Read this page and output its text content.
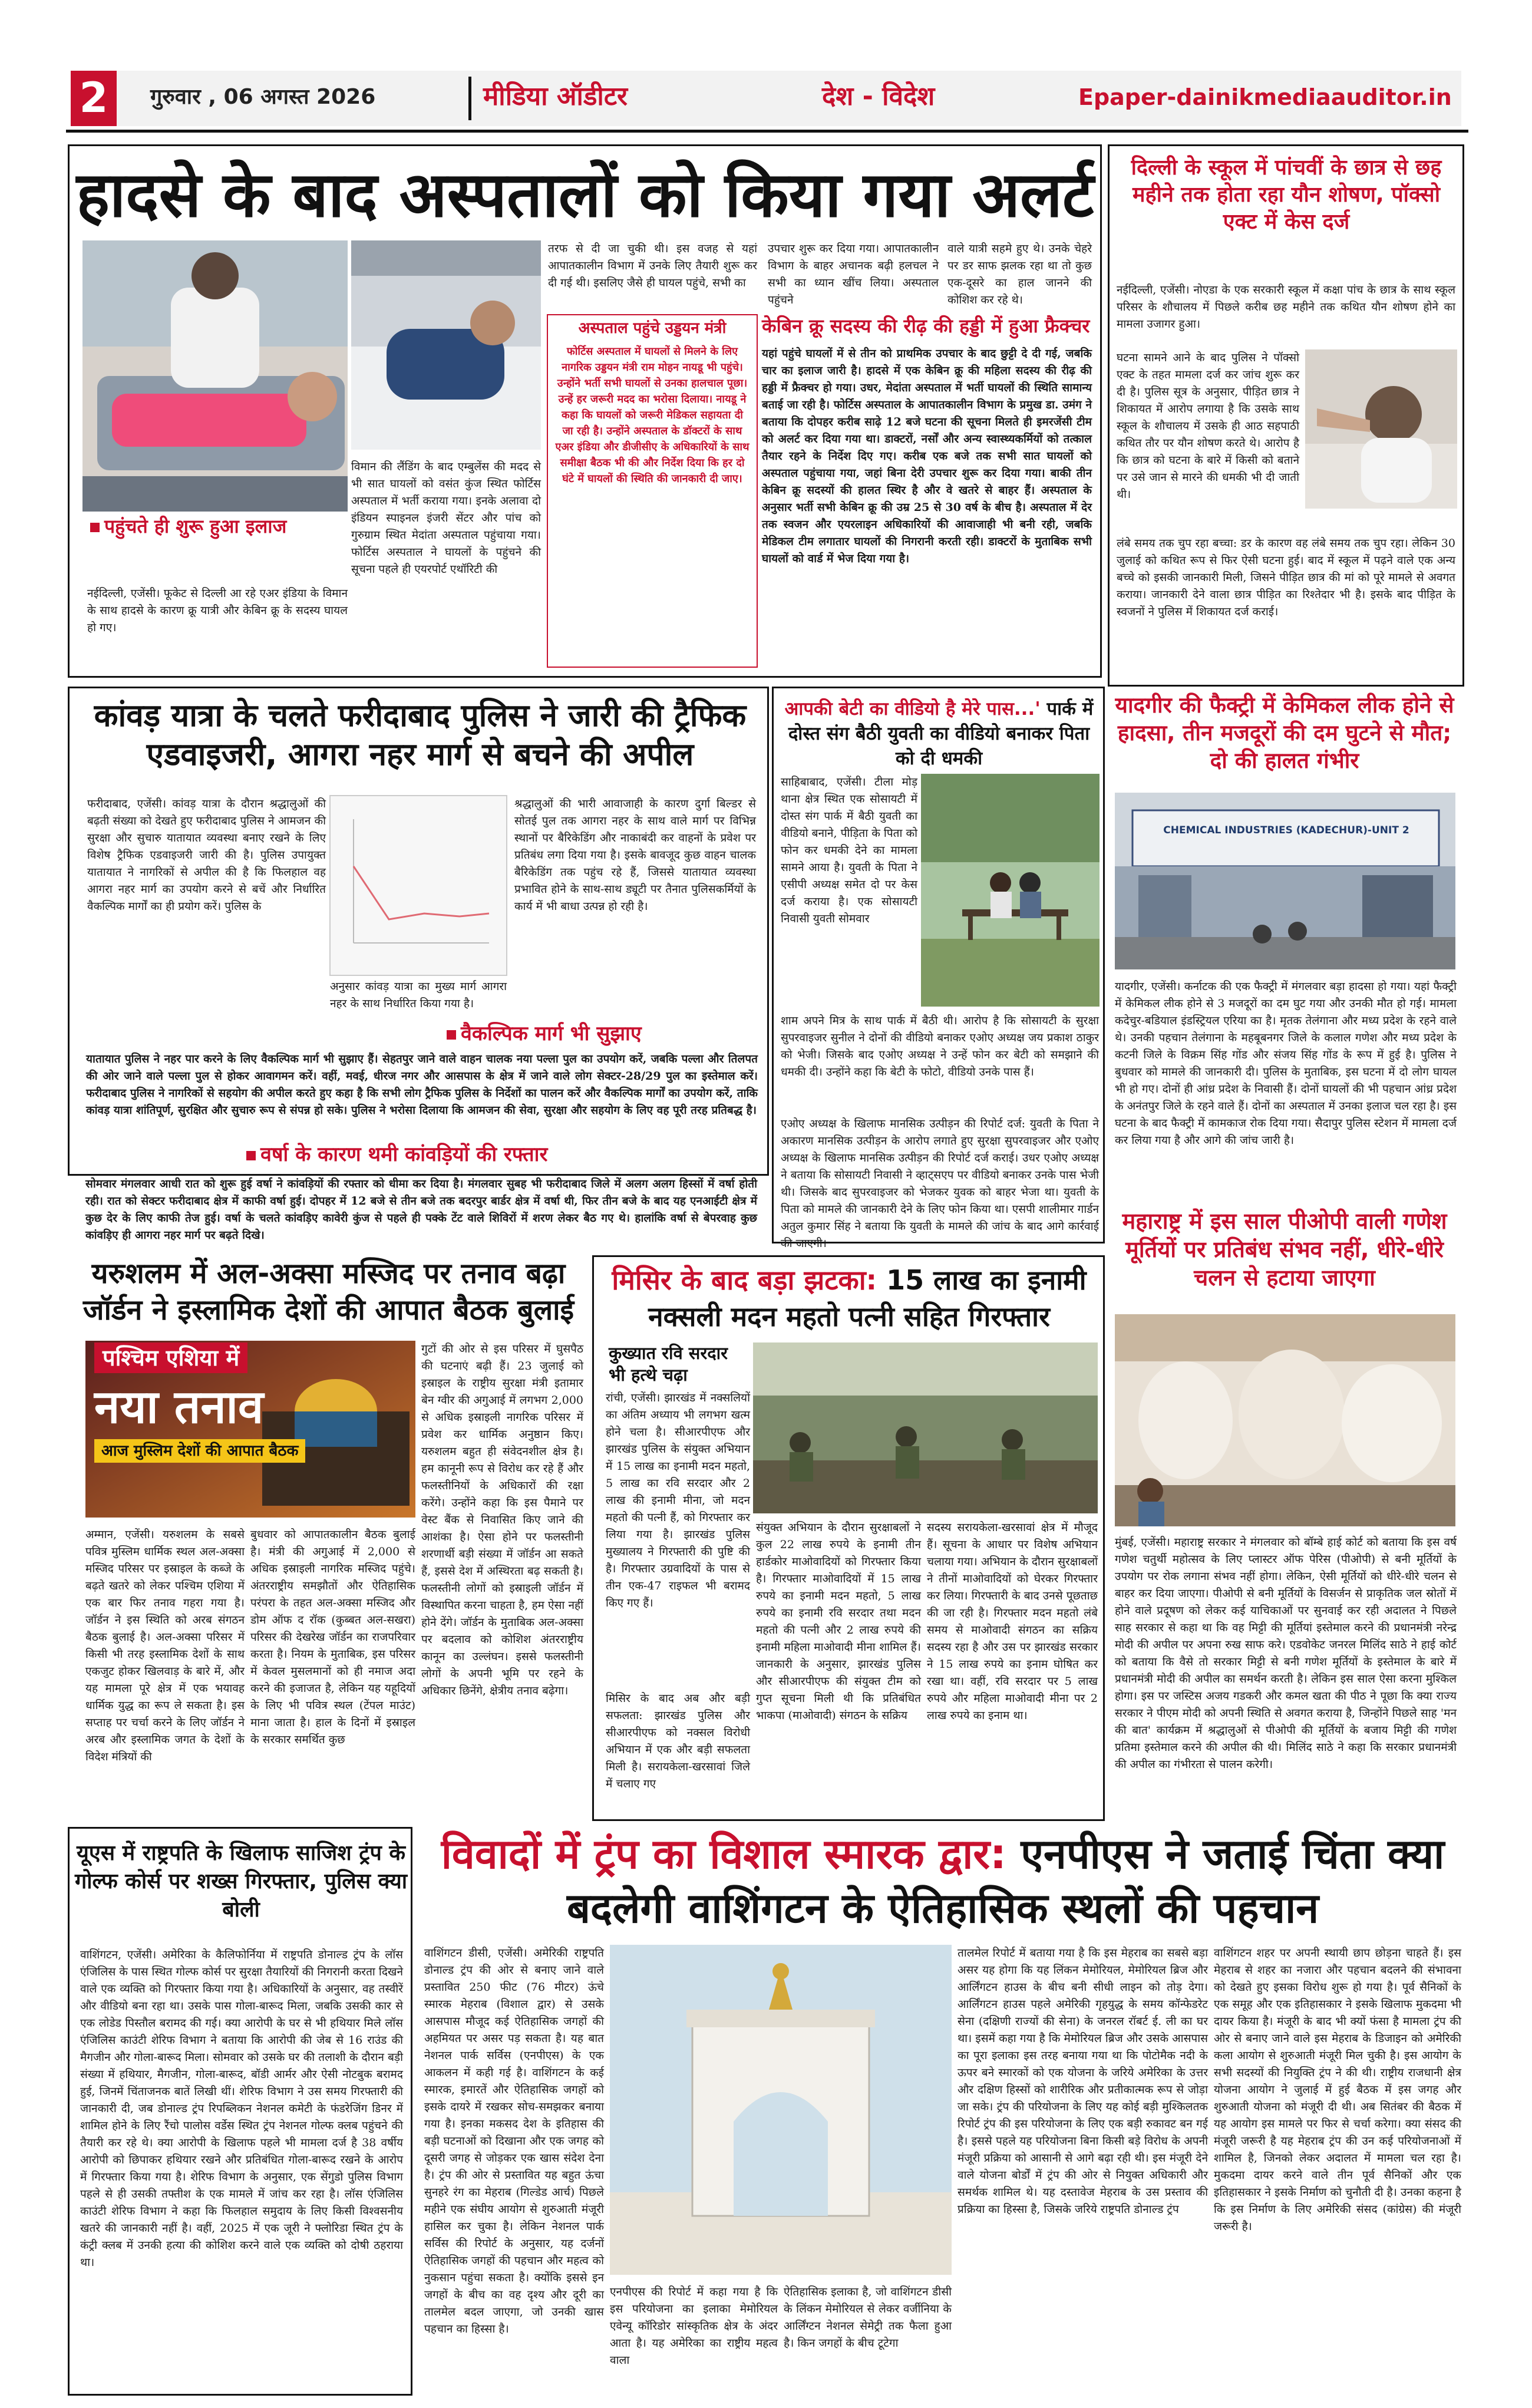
2	गुरुवार , 06 अगस्त 2026	मीडिया ऑडीटर	देश - विदेश	Epaper-dainikmediaauditor.in
हादसे के बाद अस्पतालों को किया गया अलर्ट
पहुंचते ही शुरू हुआ इलाज
नईदिल्ली, एजेंसी। फूकेट से दिल्ली आ रहे एअर इंडिया के विमान के साथ हादसे के कारण क्रू यात्री और केबिन क्रू के सदस्य घायल हो गए।
विमान की लैंडिंग के बाद एम्बुलेंस की मदद से भी सात घायलों को वसंत कुंज स्थित फोर्टिस अस्पताल में भर्ती कराया गया। इनके अलावा दो इंडियन स्पाइनल इंजरी सेंटर और पांच को गुरुग्राम स्थित मेदांता अस्पताल पहुंचाया गया। फोर्टिस अस्पताल ने घायलों के पहुंचने की सूचना पहले ही एयरपोर्ट एथॉरिटी की
तरफ से दी जा चुकी थी। इस वजह से यहां आपातकालीन विभाग में उनके लिए तैयारी शुरू कर दी गई थी। इसलिए जैसे ही घायल पहुंचे, सभी का
अस्पताल पहुंचे उड्डयन मंत्री
फोर्टिस अस्पताल में घायलों से मिलने के लिए नागरिक उड्डयन मंत्री राम मोहन नायडू भी पहुंचे। उन्होंने भर्ती सभी घायलों से उनका हालचाल पूछा। उन्हें हर जरूरी मदद का भरोसा दिलाया। नायडू ने कहा कि घायलों को जरूरी मेडिकल सहायता दी जा रही है। उन्होंने अस्पताल के डॉक्टरों के साथ एअर इंडिया और डीजीसीए के अधिकारियों के साथ समीक्षा बैठक भी की और निर्देश दिया कि हर दो घंटे में घायलों की स्थिति की जानकारी दी जाए।
उपचार शुरू कर दिया गया। आपातकालीन विभाग के बाहर अचानक बढ़ी हलचल ने सभी का ध्यान खींच लिया। अस्पताल पहुंचने
वाले यात्री सहमे हुए थे। उनके चेहरे पर डर साफ झलक रहा था तो कुछ एक-दूसरे का हाल जानने की कोशिश कर रहे थे।
केबिन क्रू सदस्य की रीढ़ की हड्डी में हुआ फ्रैक्चर
यहां पहुंचे घायलों में से तीन को प्राथमिक उपचार के बाद छुट्टी दे दी गई, जबकि चार का इलाज जारी है। हादसे में एक केबिन क्रू की महिला सदस्य की रीढ़ की हड्डी में फ्रैक्चर हो गया। उधर, मेदांता अस्पताल में भर्ती घायलों की स्थिति सामान्य बताई जा रही है। फोर्टिस अस्पताल के आपातकालीन विभाग के प्रमुख डा. उमंग ने बताया कि दोपहर करीब साढ़े 12 बजे घटना की सूचना मिलते ही इमरजेंसी टीम को अलर्ट कर दिया गया था। डाक्टरों, नर्सों और अन्य स्वास्थ्यकर्मियों को तत्काल तैयार रहने के निर्देश दिए गए। करीब एक बजे तक सभी सात घायलों को अस्पताल पहुंचाया गया, जहां बिना देरी उपचार शुरू कर दिया गया। बाकी तीन केबिन क्रू सदस्यों की हालत स्थिर है और वे खतरे से बाहर हैं। अस्पताल के अनुसार भर्ती सभी केबिन क्रू की उम्र 25 से 30 वर्ष के बीच है। अस्पताल में देर तक स्वजन और एयरलाइन अधिकारियों की आवाजाही भी बनी रही, जबकि मेडिकल टीम लगातार घायलों की निगरानी करती रही। डाक्टरों के मुताबिक सभी घायलों को वार्ड में भेज दिया गया है।
दिल्ली के स्कूल में पांचवीं के छात्र से छह महीने तक होता रहा यौन शोषण, पॉक्सो एक्ट में केस दर्ज
नईदिल्ली, एजेंसी। नोएडा के एक सरकारी स्कूल में कक्षा पांच के छात्र के साथ स्कूल परिसर के शौचालय में पिछले करीब छह महीने तक कथित यौन शोषण होने का मामला उजागर हुआ।
घटना सामने आने के बाद पुलिस ने पॉक्सो एक्ट के तहत मामला दर्ज कर जांच शुरू कर दी है। पुलिस सूत्र के अनुसार, पीड़ित छात्र ने शिकायत में आरोप लगाया है कि उसके साथ स्कूल के शौचालय में उसके ही आठ सहपाठी कथित तौर पर यौन शोषण करते थे। आरोप है कि छात्र को घटना के बारे में किसी को बताने पर उसे जान से मारने की धमकी भी दी जाती थी।
लंबे समय तक चुप रहा बच्चा: डर के कारण वह लंबे समय तक चुप रहा। लेकिन 30 जुलाई को कथित रूप से फिर ऐसी घटना हुई। बाद में स्कूल में पढ़ने वाले एक अन्य बच्चे को इसकी जानकारी मिली, जिसने पीड़ित छात्र की मां को पूरे मामले से अवगत कराया। जानकारी देने वाला छात्र पीड़ित का रिश्तेदार भी है। इसके बाद पीड़ित के स्वजनों ने पुलिस में शिकायत दर्ज कराई।
यादगीर की फैक्ट्री में केमिकल लीक होने से हादसा, तीन मजदूरों की दम घुटने से मौत; दो की हालत गंभीर
CHEMICAL INDUSTRIES (KADECHUR)-UNIT 2
यादगीर, एजेंसी। कर्नाटक की एक फैक्ट्री में मंगलवार बड़ा हादसा हो गया। यहां फैक्ट्री में केमिकल लीक होने से 3 मजदूरों का दम घुट गया और उनकी मौत हो गई। मामला कदेचुर-बडियाल इंडस्ट्रियल एरिया का है। मृतक तेलंगाना और मध्य प्रदेश के रहने वाले थे। उनकी पहचान तेलंगाना के महबूबनगर जिले के कलाल गणेश और मध्य प्रदेश के कटनी जिले के विक्रम सिंह गोंड और संजय सिंह गोंड के रूप में हुई है। पुलिस ने बुधवार को मामले की जानकारी दी। पुलिस के मुताबिक, इस घटना में दो लोग घायल भी हो गए। दोनों ही आंध्र प्रदेश के निवासी हैं। दोनों घायलों की भी पहचान आंध्र प्रदेश के अनंतपुर जिले के रहने वाले हैं। दोनों का अस्पताल में उनका इलाज चल रहा है। इस घटना के बाद फैक्ट्री में कामकाज रोक दिया गया। सैदापुर पुलिस स्टेशन में मामला दर्ज कर लिया गया है और आगे की जांच जारी है।
कांवड़ यात्रा के चलते फरीदाबाद पुलिस ने जारी की ट्रैफिक एडवाइजरी, आगरा नहर मार्ग से बचने की अपील
फरीदाबाद, एजेंसी। कांवड़ यात्रा के दौरान श्रद्धालुओं की बढ़ती संख्या को देखते हुए फरीदाबाद पुलिस ने आमजन की सुरक्षा और सुचारु यातायात व्यवस्था बनाए रखने के लिए विशेष ट्रैफिक एडवाइजरी जारी की है। पुलिस उपायुक्त यातायात ने नागरिकों से अपील की है कि फिलहाल वह आगरा नहर मार्ग का उपयोग करने से बचें और निर्धारित वैकल्पिक मार्गों का ही प्रयोग करें। पुलिस के
अनुसार कांवड़ यात्रा का मुख्य मार्ग आगरा नहर के साथ निर्धारित किया गया है।
श्रद्धालुओं की भारी आवाजाही के कारण दुर्गा बिल्डर से सोतई पुल तक आगरा नहर के साथ वाले मार्ग पर विभिन्न स्थानों पर बैरिकेडिंग और नाकाबंदी कर वाहनों के प्रवेश पर प्रतिबंध लगा दिया गया है। इसके बावजूद कुछ वाहन चालक बैरिकेडिंग तक पहुंच रहे हैं, जिससे यातायात व्यवस्था प्रभावित होने के साथ-साथ ड्यूटी पर तैनात पुलिसकर्मियों के कार्य में भी बाधा उत्पन्न हो रही है।
वैकल्पिक मार्ग भी सुझाए
यातायात पुलिस ने नहर पार करने के लिए वैकल्पिक मार्ग भी सुझाए हैं। सेहतपुर जाने वाले वाहन चालक नया पल्ला पुल का उपयोग करें, जबकि पल्ला और तिलपत की ओर जाने वाले पल्ला पुल से होकर आवागमन करें। वहीं, मवई, धीरज नगर और आसपास के क्षेत्र में जाने वाले लोग सेक्टर-28/29 पुल का इस्तेमाल करें। फरीदाबाद पुलिस ने नागरिकों से सहयोग की अपील करते हुए कहा है कि सभी लोग ट्रैफिक पुलिस के निर्देशों का पालन करें और वैकल्पिक मार्गों का उपयोग करें, ताकि कांवड़ यात्रा शांतिपूर्ण, सुरक्षित और सुचारु रूप से संपन्न हो सके। पुलिस ने भरोसा दिलाया कि आमजन की सेवा, सुरक्षा और सहयोग के लिए वह पूरी तरह प्रतिबद्ध है।
वर्षा के कारण थमी कांवड़ियों की रफ्तार
सोमवार मंगलवार आधी रात को शुरू हुई वर्षा ने कांवड़ियों की रफ्तार को धीमा कर दिया है। मंगलवार सुबह भी फरीदाबाद जिले में अलग अलग हिस्सों में वर्षा होती रही। रात को सेक्टर फरीदाबाद क्षेत्र में काफी वर्षा हुई। दोपहर में 12 बजे से तीन बजे तक बदरपुर बार्डर क्षेत्र में वर्षा थी, फिर तीन बजे के बाद यह एनआईटी क्षेत्र में कुछ देर के लिए काफी तेज हुई। वर्षा के चलते कांवड़िए कावेरी कुंज से पहले ही पक्के टेंट वाले शिविरों में शरण लेकर बैठ गए थे। हालांकि वर्षा से बेपरवाह कुछ कांवड़िए ही आगरा नहर मार्ग पर बढ़ते दिखे।
आपकी बेटी का वीडियो है मेरे पास...' पार्क में दोस्त संग बैठी युवती का वीडियो बनाकर पिता को दी धमकी
साहिबाबाद, एजेंसी। टीला मोड़ थाना क्षेत्र स्थित एक सोसायटी में दोस्त संग पार्क में बैठी युवती का वीडियो बनाने, पीड़िता के पिता को फोन कर धमकी देने का मामला सामने आया है। युवती के पिता ने एसीपी अध्यक्ष समेत दो पर केस दर्ज कराया है। एक सोसायटी निवासी युवती सोमवार
शाम अपने मित्र के साथ पार्क में बैठी थी। आरोप है कि सोसायटी के सुरक्षा सुपरवाइजर सुनील ने दोनों की वीडियो बनाकर एओए अध्यक्ष जय प्रकाश ठाकुर को भेजी। जिसके बाद एओए अध्यक्ष ने उन्हें फोन कर बेटी को समझाने की धमकी दी। उन्होंने कहा कि बेटी के फोटो, वीडियो उनके पास हैं।
एओए अध्यक्ष के खिलाफ मानसिक उत्पीड़न की रिपोर्ट दर्ज: युवती के पिता ने अकारण मानसिक उत्पीड़न के आरोप लगाते हुए सुरक्षा सुपरवाइजर और एओए अध्यक्ष के खिलाफ मानसिक उत्पीड़न की रिपोर्ट दर्ज कराई। उधर एओए अध्यक्ष ने बताया कि सोसायटी निवासी ने व्हाट्सएप पर वीडियो बनाकर उनके पास भेजी थी। जिसके बाद सुपरवाइजर को भेजकर युवक को बाहर भेजा था। युवती के पिता को मामले की जानकारी देने के लिए फोन किया था। एसपी शालीमार गार्डन अतुल कुमार सिंह ने बताया कि युवती के मामले की जांच के बाद आगे कार्रवाई की जाएगी।
महाराष्ट्र में इस साल पीओपी वाली गणेश मूर्तियों पर प्रतिबंध संभव नहीं, धीरे-धीरे चलन से हटाया जाएगा
मुंबई, एजेंसी। महाराष्ट्र सरकार ने मंगलवार को बॉम्बे हाई कोर्ट को बताया कि इस वर्ष गणेश चतुर्थी महोत्सव के लिए प्लास्टर ऑफ पेरिस (पीओपी) से बनी मूर्तियों के उपयोग पर रोक लगाना संभव नहीं होगा। लेकिन, ऐसी मूर्तियों को धीरे-धीरे चलन से बाहर कर दिया जाएगा। पीओपी से बनी मूर्तियों के विसर्जन से प्राकृतिक जल स्रोतों में होने वाले प्रदूषण को लेकर कई याचिकाओं पर सुनवाई कर रही अदालत ने पिछले साह सरकार से कहा था कि वह मिट्टी की मूर्तियां इस्तेमाल करने की प्रधानमंत्री नरेन्द्र मोदी की अपील पर अपना रुख साफ करे। एडवोकेट जनरल मिलिंद साठे ने हाई कोर्ट को बताया कि वैसे तो सरकार मिट्टी से बनी गणेश मूर्तियों के इस्तेमाल के बारे में प्रधानमंत्री मोदी की अपील का समर्थन करती है। लेकिन इस साल ऐसा करना मुश्किल होगा। इस पर जस्टिस अजय गडकरी और कमल खता की पीठ ने पूछा कि क्या राज्य सरकार ने पीएम मोदी को अपनी स्थिति से अवगत कराया है, जिन्होंने पिछले साह 'मन की बात' कार्यक्रम में श्रद्धालुओं से पीओपी की मूर्तियों के बजाय मिट्टी की गणेश प्रतिमा इस्तेमाल करने की अपील की थी। मिलिंद साठे ने कहा कि सरकार प्रधानमंत्री की अपील का गंभीरता से पालन करेगी।
यरुशलम में अल-अक्सा मस्जिद पर तनाव बढ़ा जॉर्डन ने इस्लामिक देशों की आपात बैठक बुलाई
पश्चिम एशिया में
नया तनाव
आज मुस्लिम देशों की आपात बैठक
गुटों की ओर से इस परिसर में घुसपैठ की घटनाएं बढ़ी हैं। 23 जुलाई को इस्राइल के राष्ट्रीय सुरक्षा मंत्री इतामार बेन ग्वीर की अगुआई में लगभग 2,000 से अधिक इस्राइली नागरिक परिसर में प्रवेश कर धार्मिक अनुष्ठान किए। यरुशलम बहुत ही संवेदनशील क्षेत्र है। हम कानूनी रूप से विरोध कर रहे हैं और फलस्तीनियों के अधिकारों की रक्षा करेंगे। उन्होंने कहा कि इस पैमाने पर वेस्ट बैंक से निवासित किए जाने की आशंका है। ऐसा होने पर फलस्तीनी शरणार्थी बड़ी संख्या में जॉर्डन आ सकते हैं, इससे देश में अस्थिरता बढ़ सकती है। फलस्तीनी लोगों को इस्राइली जॉर्डन में विस्थापित करना चाहता है, हम ऐसा नहीं होने देंगे। जॉर्डन के मुताबिक अल-अक्सा पर बदलाव को कोशिश अंतरराष्ट्रीय कानून का उल्लंघन। इससे फलस्तीनी लोगों के अपनी भूमि पर रहने के अधिकार छिनेंगे, क्षेत्रीय तनाव बढ़ेगा।
अम्मान, एजेंसी। यरुशलम के सबसे पवित्र मुस्लिम धार्मिक स्थल अल-अक्सा मस्जिद परिसर पर इस्राइल के कब्जे के बढ़ते खतरे को लेकर पश्चिम एशिया में एक बार फिर तनाव गहरा गया है। जॉर्डन ने इस स्थिति को अरब संगठन बैठक बुलाई है। अल-अक्सा परिसर में किसी भी तरह इस्लामिक देशों के साथ एकजुट होकर खिलवाड़ के बारे में, और यह मामला पूरे क्षेत्र में एक भयावह धार्मिक युद्ध का रूप ले सकता है। इस सप्ताह पर चर्चा करने के लिए जॉर्डन ने अरब और इस्लामिक जगत के देशों के विदेश मंत्रियों की
बुधवार को आपातकालीन बैठक बुलाई है। मंत्री की अगुआई में 2,000 से अधिक इस्राइली नागरिक मस्जिद पहुंचे। अंतरराष्ट्रीय समझौतों और ऐतिहासिक परंपरा के तहत अल-अक्सा मस्जिद और डोम ऑफ द रॉक (कुब्बत अल-सखरा) परिसर की देखरेख जॉर्डन का राजपरिवार करता है। नियम के मुताबिक, इस परिसर में केवल मुसलमानों को ही नमाज अदा करने की इजाजत है, लेकिन यह यहूदियों के लिए भी पवित्र स्थल (टेंपल माउंट) माना जाता है। हाल के दिनों में इस्राइल के सरकार समर्थित कुछ
मिसिर के बाद बड़ा झटका: 15 लाख का इनामी नक्सली मदन महतो पत्नी सहित गिरफ्तार
कुख्यात रवि सरदार भी हत्थे चढ़ा
रांची, एजेंसी। झारखंड में नक्सलियों का अंतिम अध्याय भी लगभग खत्म होने चला है। सीआरपीएफ और झारखंड पुलिस के संयुक्त अभियान में 15 लाख का इनामी मदन महतो, 5 लाख का रवि सरदार और 2 लाख की इनामी मीना, जो मदन महतो की पत्नी हैं, को गिरफ्तार कर लिया गया है। झारखंड पुलिस मुख्यालय ने गिरफ्तारी की पुष्टि की है। गिरफ्तार उग्रवादियों के पास से तीन एक-47 राइफल भी बरामद किए गए हैं।
मिसिर के बाद अब और बड़ी सफलता: झारखंड पुलिस और सीआरपीएफ को नक्सल विरोधी अभियान में एक और बड़ी सफलता मिली है। सरायकेला-खरसावां जिले में चलाए गए
संयुक्त अभियान के दौरान सुरक्षाबलों ने कुल 22 लाख रुपये के इनामी तीन हार्डकोर माओवादियों को गिरफ्तार किया है। गिरफ्तार माओवादियों में 15 लाख रुपये का इनामी मदन महतो, 5 लाख रुपये का इनामी रवि सरदार तथा मदन महतो की पत्नी और 2 लाख रुपये की इनामी महिला माओवादी मीना शामिल हैं। जानकारी के अनुसार, झारखंड पुलिस और सीआरपीएफ की संयुक्त टीम को गुप्त सूचना मिली थी कि प्रतिबंधित भाकपा (माओवादी) संगठन के सक्रिय
सदस्य सरायकेला-खरसावां क्षेत्र में मौजूद हैं। सूचना के आधार पर विशेष अभियान चलाया गया। अभियान के दौरान सुरक्षाबलों ने तीनों माओवादियों को घेरकर गिरफ्तार कर लिया। गिरफ्तारी के बाद उनसे पूछताछ की जा रही है। गिरफ्तार मदन महतो लंबे समय से माओवादी संगठन का सक्रिय सदस्य रहा है और उस पर झारखंड सरकार ने 15 लाख रुपये का इनाम घोषित कर रखा था। वहीं, रवि सरदार पर 5 लाख रुपये और महिला माओवादी मीना पर 2 लाख रुपये का इनाम था।
यूएस में राष्ट्रपति के खिलाफ साजिश ट्रंप के गोल्फ कोर्स पर शख्स गिरफ्तार, पुलिस क्या बोली
वाशिंगटन, एजेंसी। अमेरिका के कैलिफोर्निया में राष्ट्रपति डोनाल्ड ट्रंप के लॉस एंजिलिस के पास स्थित गोल्फ कोर्स पर सुरक्षा तैयारियों की निगरानी करता दिखने वाले एक व्यक्ति को गिरफ्तार किया गया है। अधिकारियों के अनुसार, वह तस्वीरें और वीडियो बना रहा था। उसके पास गोला-बारूद मिला, जबकि उसकी कार से एक लोडेड पिस्तौल बरामद की गई। क्या आरोपी के घर से भी हथियार मिले लॉस एंजिलिस काउंटी शेरिफ विभाग ने बताया कि आरोपी की जेब से 16 राउंड की मैगजीन और गोला-बारूद मिला। सोमवार को उसके घर की तलाशी के दौरान बड़ी संख्या में हथियार, मैगजीन, गोला-बारूद, बॉडी आर्मर और ऐसी नोटबुक बरामद हुई, जिनमें चिंताजनक बातें लिखी थीं। शेरिफ विभाग ने उस समय गिरफ्तारी की जानकारी दी, जब डोनाल्ड ट्रंप रिपब्लिकन नेशनल कमेटी के फंडरेजिंग डिनर में शामिल होने के लिए रैंचो पालोस वर्डेस स्थित ट्रंप नेशनल गोल्फ क्लब पहुंचने की तैयारी कर रहे थे। क्या आरोपी के खिलाफ पहले भी मामला दर्ज है 38 वर्षीय आरोपी को छिपाकर हथियार रखने और प्रतिबंधित गोला-बारूद रखने के आरोप में गिरफ्तार किया गया है। शेरिफ विभाग के अनुसार, एक सेंगुडो पुलिस विभाग पहले से ही उसकी तफ्तीश के एक मामले में जांच कर रहा है। लॉस एंजिलिस काउंटी शेरिफ विभाग ने कहा कि फिलहाल समुदाय के लिए किसी विश्वसनीय खतरे की जानकारी नहीं है। वहीं, 2025 में एक जूरी ने फ्लोरिडा स्थित ट्रंप के कंट्री क्लब में उनकी हत्या की कोशिश करने वाले एक व्यक्ति को दोषी ठहराया था।
विवादों में ट्रंप का विशाल स्मारक द्वार: एनपीएस ने जताई चिंता क्या बदलेगी वाशिंगटन के ऐतिहासिक स्थलों की पहचान
वाशिंगटन डीसी, एजेंसी। अमेरिकी राष्ट्रपति डोनाल्ड ट्रंप की ओर से बनाए जाने वाले प्रस्तावित 250 फीट (76 मीटर) ऊंचे स्मारक मेहराब (विशाल द्वार) से उसके आसपास मौजूद कई ऐतिहासिक जगहों की अहमियत पर असर पड़ सकता है। यह बात नेशनल पार्क सर्विस (एनपीएस) के एक आकलन में कही गई है। वाशिंगटन के कई स्मारक, इमारतें और ऐतिहासिक जगहों को इसके दायरे में रखकर सोच-समझकर बनाया गया है। इनका मकसद देश के इतिहास की बड़ी घटनाओं को दिखाना और एक जगह को दूसरी जगह से जोड़कर एक खास संदेश देना है। ट्रंप की ओर से प्रस्तावित यह बहुत ऊंचा सुनहरे रंग का मेहराब (गिल्डेड आर्च) पिछले महीने एक संघीय आयोग से शुरुआती मंजूरी हासिल कर चुका है। लेकिन नेशनल पार्क सर्विस की रिपोर्ट के अनुसार, यह दर्जनों ऐतिहासिक जगहों की पहचान और महत्व को नुकसान पहुंचा सकता है। क्योंकि इससे इन जगहों के बीच का वह दृश्य और दूरी का तालमेल बदल जाएगा, जो उनकी खास पहचान का हिस्सा है।
एनपीएस की रिपोर्ट में कहा गया है कि इस परियोजना का इलाका मेमोरियल एवेन्यू कॉरिडोर सांस्कृतिक क्षेत्र के अंदर आता है। यह अमेरिका का राष्ट्रीय महत्व वाला
ऐतिहासिक इलाका है, जो वाशिंगटन डीसी के लिंकन मेमोरियल से लेकर वर्जीनिया के आर्लिंग्टन नेशनल सेमेट्री तक फैला हुआ है। किन जगहों के बीच टूटेगा
तालमेल रिपोर्ट में बताया गया है कि इस मेहराब का सबसे बड़ा असर यह होगा कि यह लिंकन मेमोरियल, मेमोरियल ब्रिज और आर्लिंगटन हाउस के बीच बनी सीधी लाइन को तोड़ देगा। आर्लिंगटन हाउस पहले अमेरिकी गृहयुद्ध के समय कॉन्फेडरेट सेना (दक्षिणी राज्यों की सेना) के जनरल रॉबर्ट ई. ली का घर था। इसमें कहा गया है कि मेमोरियल ब्रिज और उसके आसपास का पूरा इलाका इस तरह बनाया गया था कि पोटोमैक नदी के ऊपर बने स्मारकों को एक योजना के जरिये अमेरिका के उत्तर और दक्षिण हिस्सों को शारीरिक और प्रतीकात्मक रूप से जोड़ा जा सके। ट्रंप की परियोजना के लिए यह कोई बड़ी मुश्किलतक रिपोर्ट ट्रंप की इस परियोजना के लिए एक बड़ी रुकावट बन गई है। इससे पहले यह परियोजना बिना किसी बड़े विरोध के अपनी मंजूरी प्रक्रिया को आसानी से आगे बढ़ा रही थी। इस मंजूरी देने वाले योजना बोर्डों में ट्रंप की ओर से नियुक्त अधिकारी और समर्थक शामिल थे। यह दस्तावेज मेहराब के उस प्रस्ताव की प्रक्रिया का हिस्सा है, जिसके जरिये राष्ट्रपति डोनाल्ड ट्रंप
वाशिंगटन शहर पर अपनी स्थायी छाप छोड़ना चाहते हैं। इस मेहराब से शहर का नजारा और पहचान बदलने की संभावना को देखते हुए इसका विरोध शुरू हो गया है। पूर्व सैनिकों के एक समूह और एक इतिहासकार ने इसके खिलाफ मुकदमा भी दायर किया है। मंजूरी के बाद भी क्यों फंसा है मामला ट्रंप की ओर से बनाए जाने वाले इस मेहराब के डिजाइन को अमेरिकी कला आयोग से शुरुआती मंजूरी मिल चुकी है। इस आयोग के सभी सदस्यों की नियुक्ति ट्रंप ने की थी। राष्ट्रीय राजधानी क्षेत्र योजना आयोग ने जुलाई में हुई बैठक में इस जगह और शुरुआती योजना को मंजूरी दी थी। अब सितंबर की बैठक में यह आयोग इस मामले पर फिर से चर्चा करेगा। क्या संसद की मंजूरी जरूरी है यह मेहराब ट्रंप की उन कई परियोजनाओं में शामिल है, जिनको लेकर अदालत में मामला चल रहा है। मुकदमा दायर करने वाले तीन पूर्व सैनिकों और एक इतिहासकार ने इसके निर्माण को चुनौती दी है। उनका कहना है कि इस निर्माण के लिए अमेरिकी संसद (कांग्रेस) की मंजूरी जरूरी है।
